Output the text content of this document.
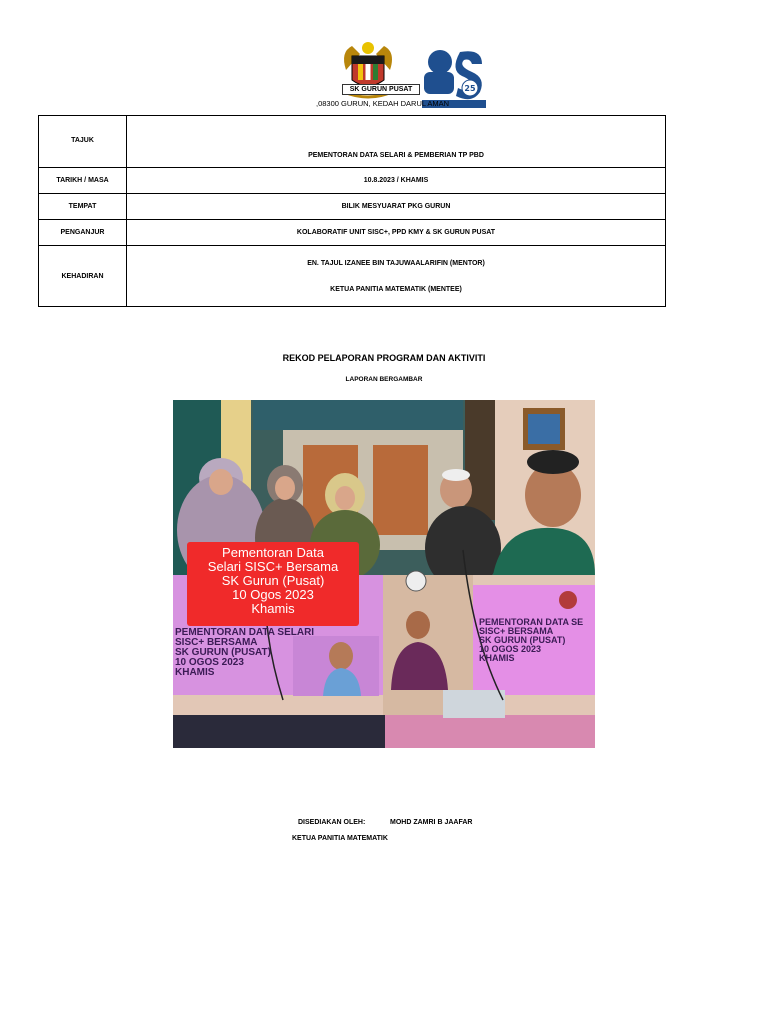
SK GURUN PUSAT	25
,08300 GURUN, KEDAH DARUL AMAN
TAJUK	PEMENTORAN DATA SELARI & PEMBERIAN TP PBD
TARIKH / MASA	10.8.2023 / KHAMIS
TEMPAT	BILIK MESYUARAT PKG GURUN
PENGANJUR	KOLABORATIF UNIT SISC+, PPD KMY & SK GURUN PUSAT
KEHADIRAN	EN. TAJUL IZANEE BIN TAJUWAALARIFIN (MENTOR)
KETUA PANITIA MATEMATIK (MENTEE)
REKOD PELAPORAN PROGRAM DAN AKTIVITI
LAPORAN BERGAMBAR
Pementoran Data
Selari SISC+ Bersama
SK Gurun (Pusat)
10 Ogos 2023
Khamis
PEMENTORAN DATA SELARI
SISC+ BERSAMA
SK GURUN (PUSAT)
10 OGOS 2023
KHAMIS
PEMENTORAN DATA SE
SISC+ BERSAMA
SK GURUN (PUSAT)
10 OGOS 2023
KHAMIS
DISEDIAKAN OLEH:	MOHD ZAMRI B JAAFAR
KETUA PANITIA MATEMATIK
